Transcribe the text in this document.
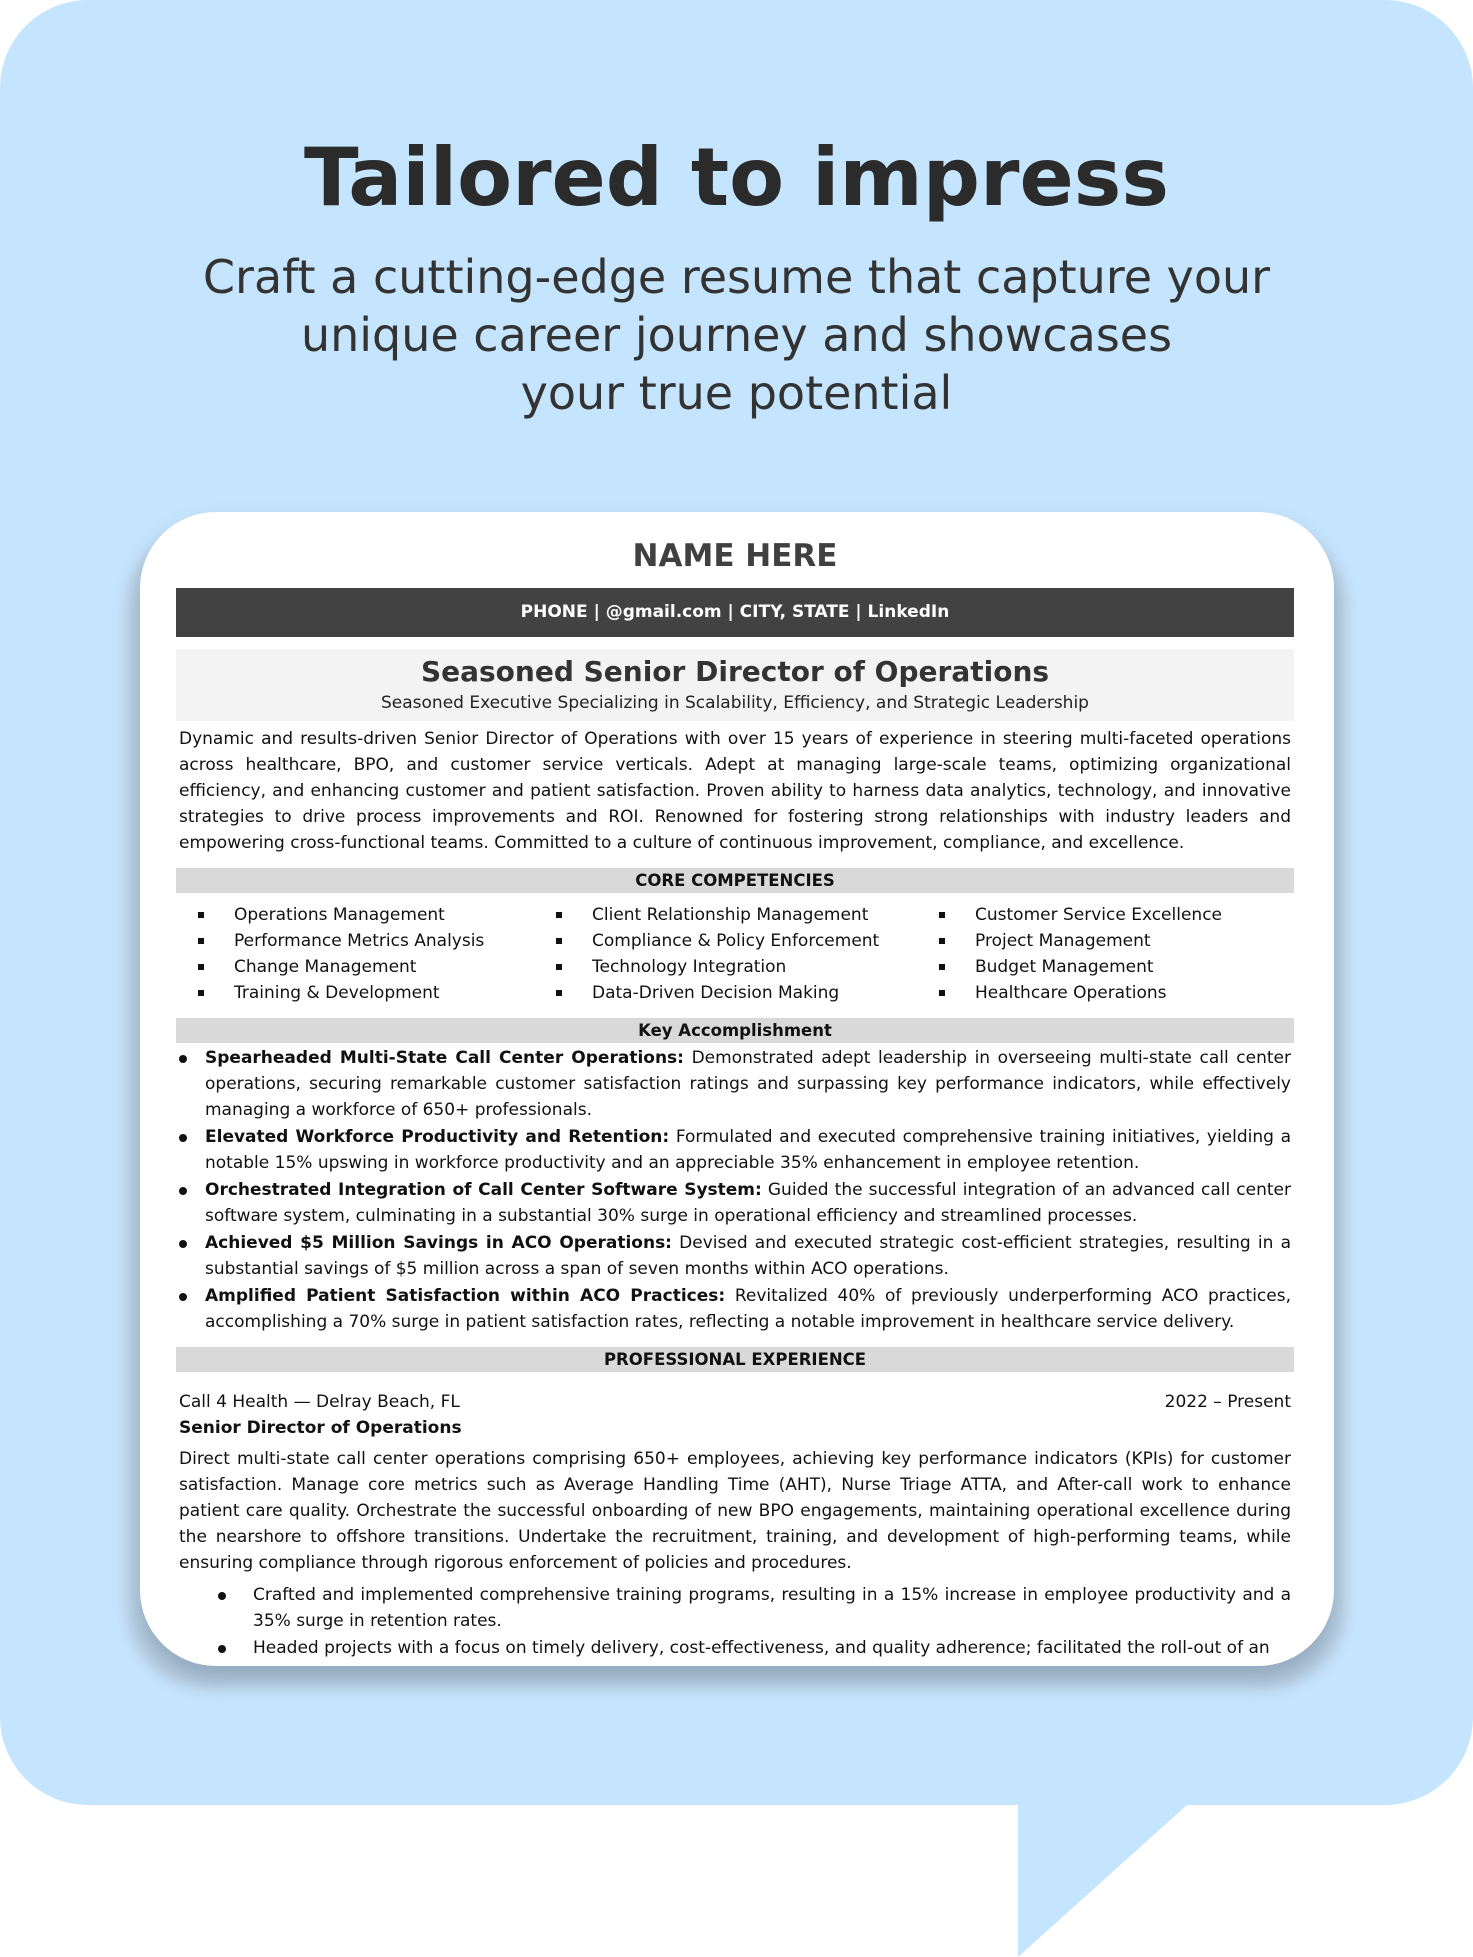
Tailored to impress
Craft a cutting-edge resume that capture your
unique career journey and showcases
your true potential
NAME HERE
PHONE | @gmail.com | CITY, STATE | LinkedIn
Seasoned Senior Director of Operations
Seasoned Executive Specializing in Scalability, Efficiency, and Strategic Leadership
Dynamic and results-driven Senior Director of Operations with over 15 years of experience in steering multi-faceted operations across healthcare, BPO, and customer service verticals. Adept at managing large-scale teams, optimizing organizational efficiency, and enhancing customer and patient satisfaction. Proven ability to harness data analytics, technology, and innovative strategies to drive process improvements and ROI. Renowned for fostering strong relationships with industry leaders and empowering cross-functional teams. Committed to a culture of continuous improvement, compliance, and excellence.
CORE COMPETENCIES
Operations Management
Performance Metrics Analysis
Change Management
Training & Development
Client Relationship Management
Compliance & Policy Enforcement
Technology Integration
Data-Driven Decision Making
Customer Service Excellence
Project Management
Budget Management
Healthcare Operations
Key Accomplishment
Spearheaded Multi-State Call Center Operations: Demonstrated adept leadership in overseeing multi-state call center operations, securing remarkable customer satisfaction ratings and surpassing key performance indicators, while effectively managing a workforce of 650+ professionals.
Elevated Workforce Productivity and Retention: Formulated and executed comprehensive training initiatives, yielding a notable 15% upswing in workforce productivity and an appreciable 35% enhancement in employee retention.
Orchestrated Integration of Call Center Software System: Guided the successful integration of an advanced call center software system, culminating in a substantial 30% surge in operational efficiency and streamlined processes.
Achieved $5 Million Savings in ACO Operations: Devised and executed strategic cost-efficient strategies, resulting in a substantial savings of $5 million across a span of seven months within ACO operations.
Amplified Patient Satisfaction within ACO Practices: Revitalized 40% of previously underperforming ACO practices, accomplishing a 70% surge in patient satisfaction rates, reflecting a notable improvement in healthcare service delivery.
PROFESSIONAL EXPERIENCE
Call 4 Health — Delray Beach, FL	2022 – Present
Senior Director of Operations
Direct multi-state call center operations comprising 650+ employees, achieving key performance indicators (KPIs) for customer satisfaction. Manage core metrics such as Average Handling Time (AHT), Nurse Triage ATTA, and After-call work to enhance patient care quality. Orchestrate the successful onboarding of new BPO engagements, maintaining operational excellence during the nearshore to offshore transitions. Undertake the recruitment, training, and development of high-performing teams, while ensuring compliance through rigorous enforcement of policies and procedures.
Crafted and implemented comprehensive training programs, resulting in a 15% increase in employee productivity and a 35% surge in retention rates.
Headed projects with a focus on timely delivery, cost-effectiveness, and quality adherence; facilitated the roll-out of an
